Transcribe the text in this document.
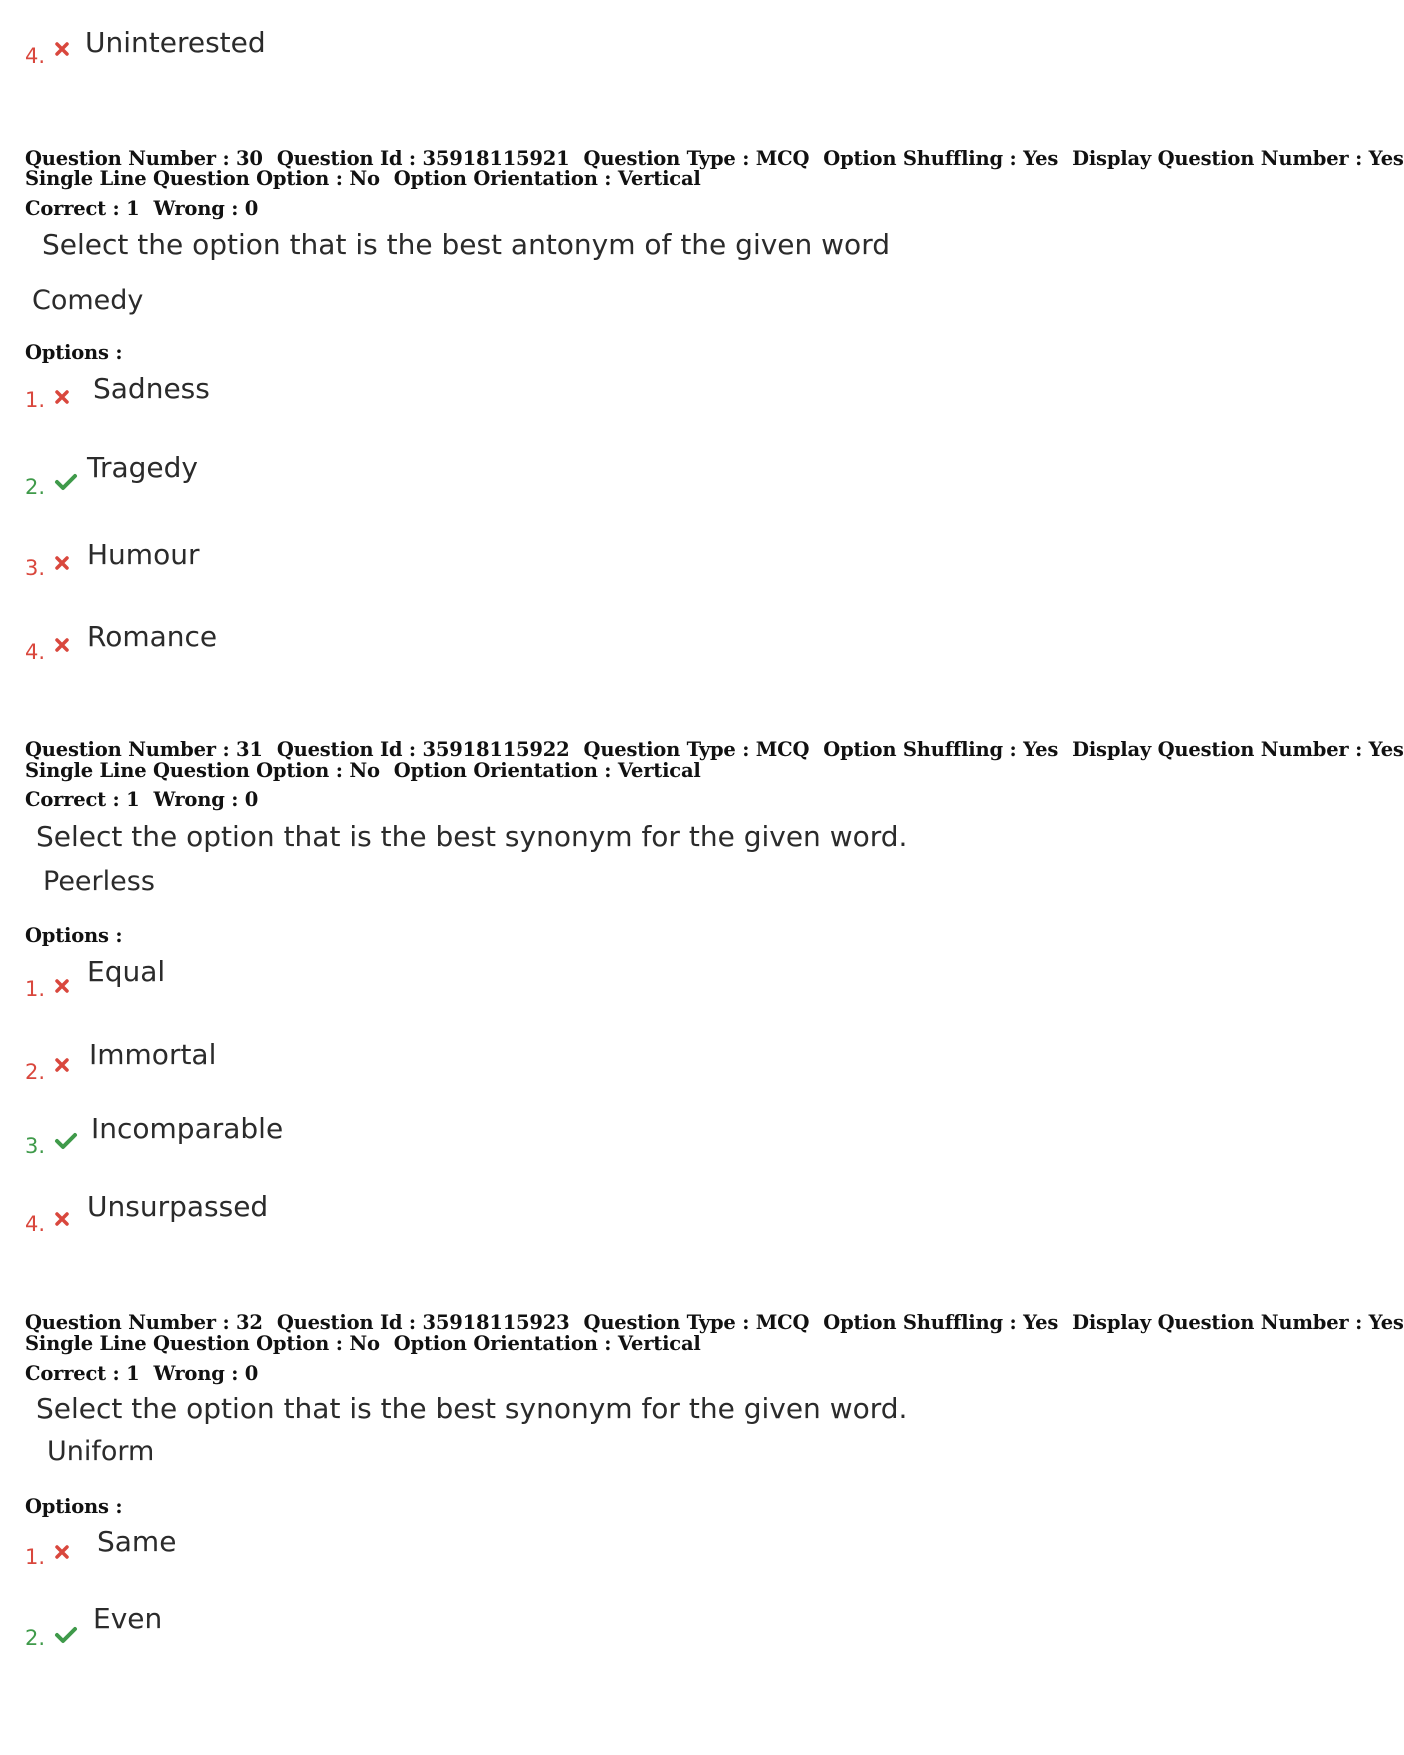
4. Uninterested
Question Number : 30 Question Id : 35918115921 Question Type : MCQ Option Shuffling : Yes Display Question Number : Yes
Single Line Question Option : No Option Orientation : Vertical
Correct : 1 Wrong : 0
Select the option that is the best antonym of the given word
Comedy
Options :
1. Sadness
2.
Tragedy
3. Humour
4. Romance
Question Number : 31 Question Id : 35918115922 Question Type : MCQ Option Shuffling : Yes Display Question Number : Yes
Single Line Question Option : No Option Orientation : Vertical
Correct : 1 Wrong : 0
Select the option that is the best synonym for the given word.
Peerless
Options :
1.
Equal
2.
Immortal
3.
Incomparable
4.
Unsurpassed
Question Number : 32 Question Id : 35918115923 Question Type : MCQ Option Shuffling : Yes Display Question Number : Yes
Single Line Question Option : No Option Orientation : Vertical
Correct : 1 Wrong : 0
Select the option that is the best synonym for the given word.
Uniform
Options :
1. Same
2.
Even
